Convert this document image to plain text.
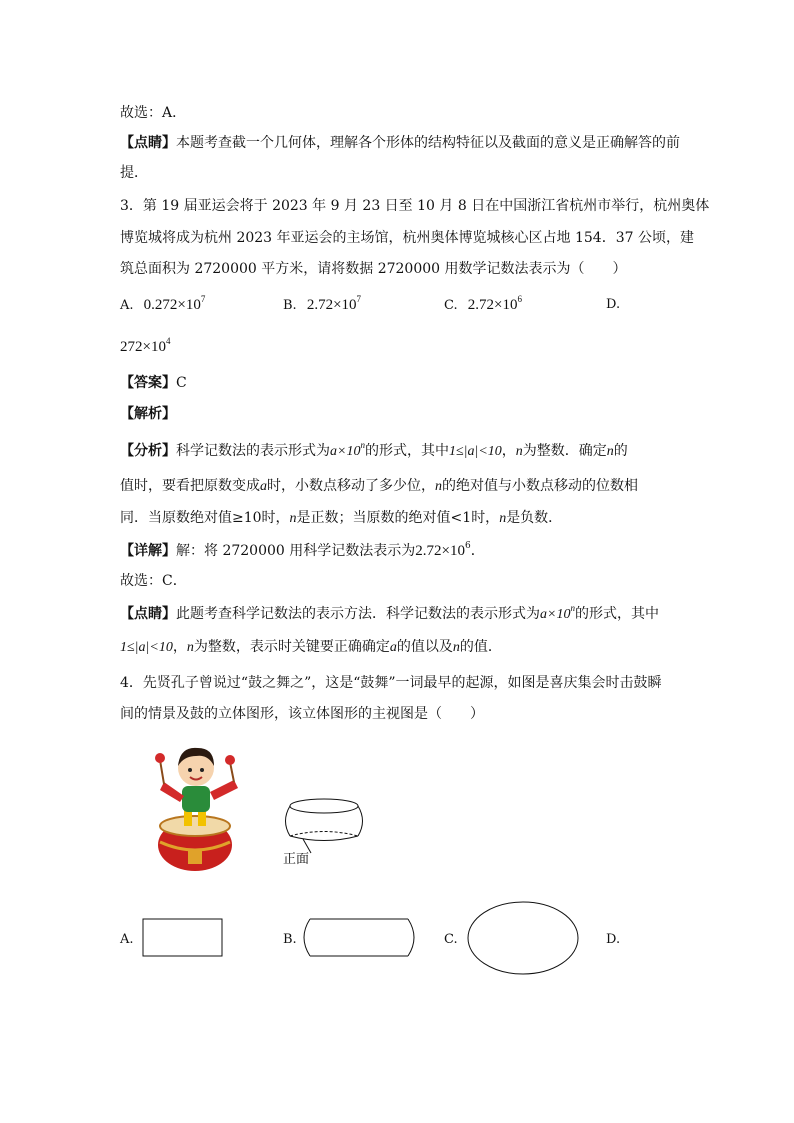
故选：A．
【点睛】本题考查截一个几何体，理解各个形体的结构特征以及截面的意义是正确解答的前
提．
3．第 19 届亚运会将于 2023 年 9 月 23 日至 10 月 8 日在中国浙江省杭州市举行，杭州奥体
博览城将成为杭州 2023 年亚运会的主场馆，杭州奥体博览城核心区占地 154．37 公顷，建
筑总面积为 2720000 平方米，请将数据 2720000 用数学记数法表示为（　　）
A. $0.272\times 10^7$	B. $2.72\times 10^7$	C. $2.72\times 10^6$	D.
$272\times 10^4$
【答案】C
【解析】
【分析】科学记数法的表示形式为$a\times 10^n$的形式，其中1≤|a|<10，n为整数．确定n的
值时，要看把原数变成a时，小数点移动了多少位，n的绝对值与小数点移动的位数相
同．当原数绝对值≥10时，n是正数；当原数的绝对值<1时，n是负数．
【详解】解：将 2720000 用科学记数法表示为$2.72\times 10^6$．
故选：C．
【点睛】此题考查科学记数法的表示方法．科学记数法的表示形式为$a\times 10^n$的形式，其中
1≤|a|<10，n为整数，表示时关键要正确确定a的值以及n的值．
4．先贤孔子曾说过“鼓之舞之”，这是“鼓舞”一词最早的起源，如图是喜庆集会时击鼓瞬
间的情景及鼓的立体图形，该立体图形的主视图是（　　）
正面
A.	B.	C.	D.
